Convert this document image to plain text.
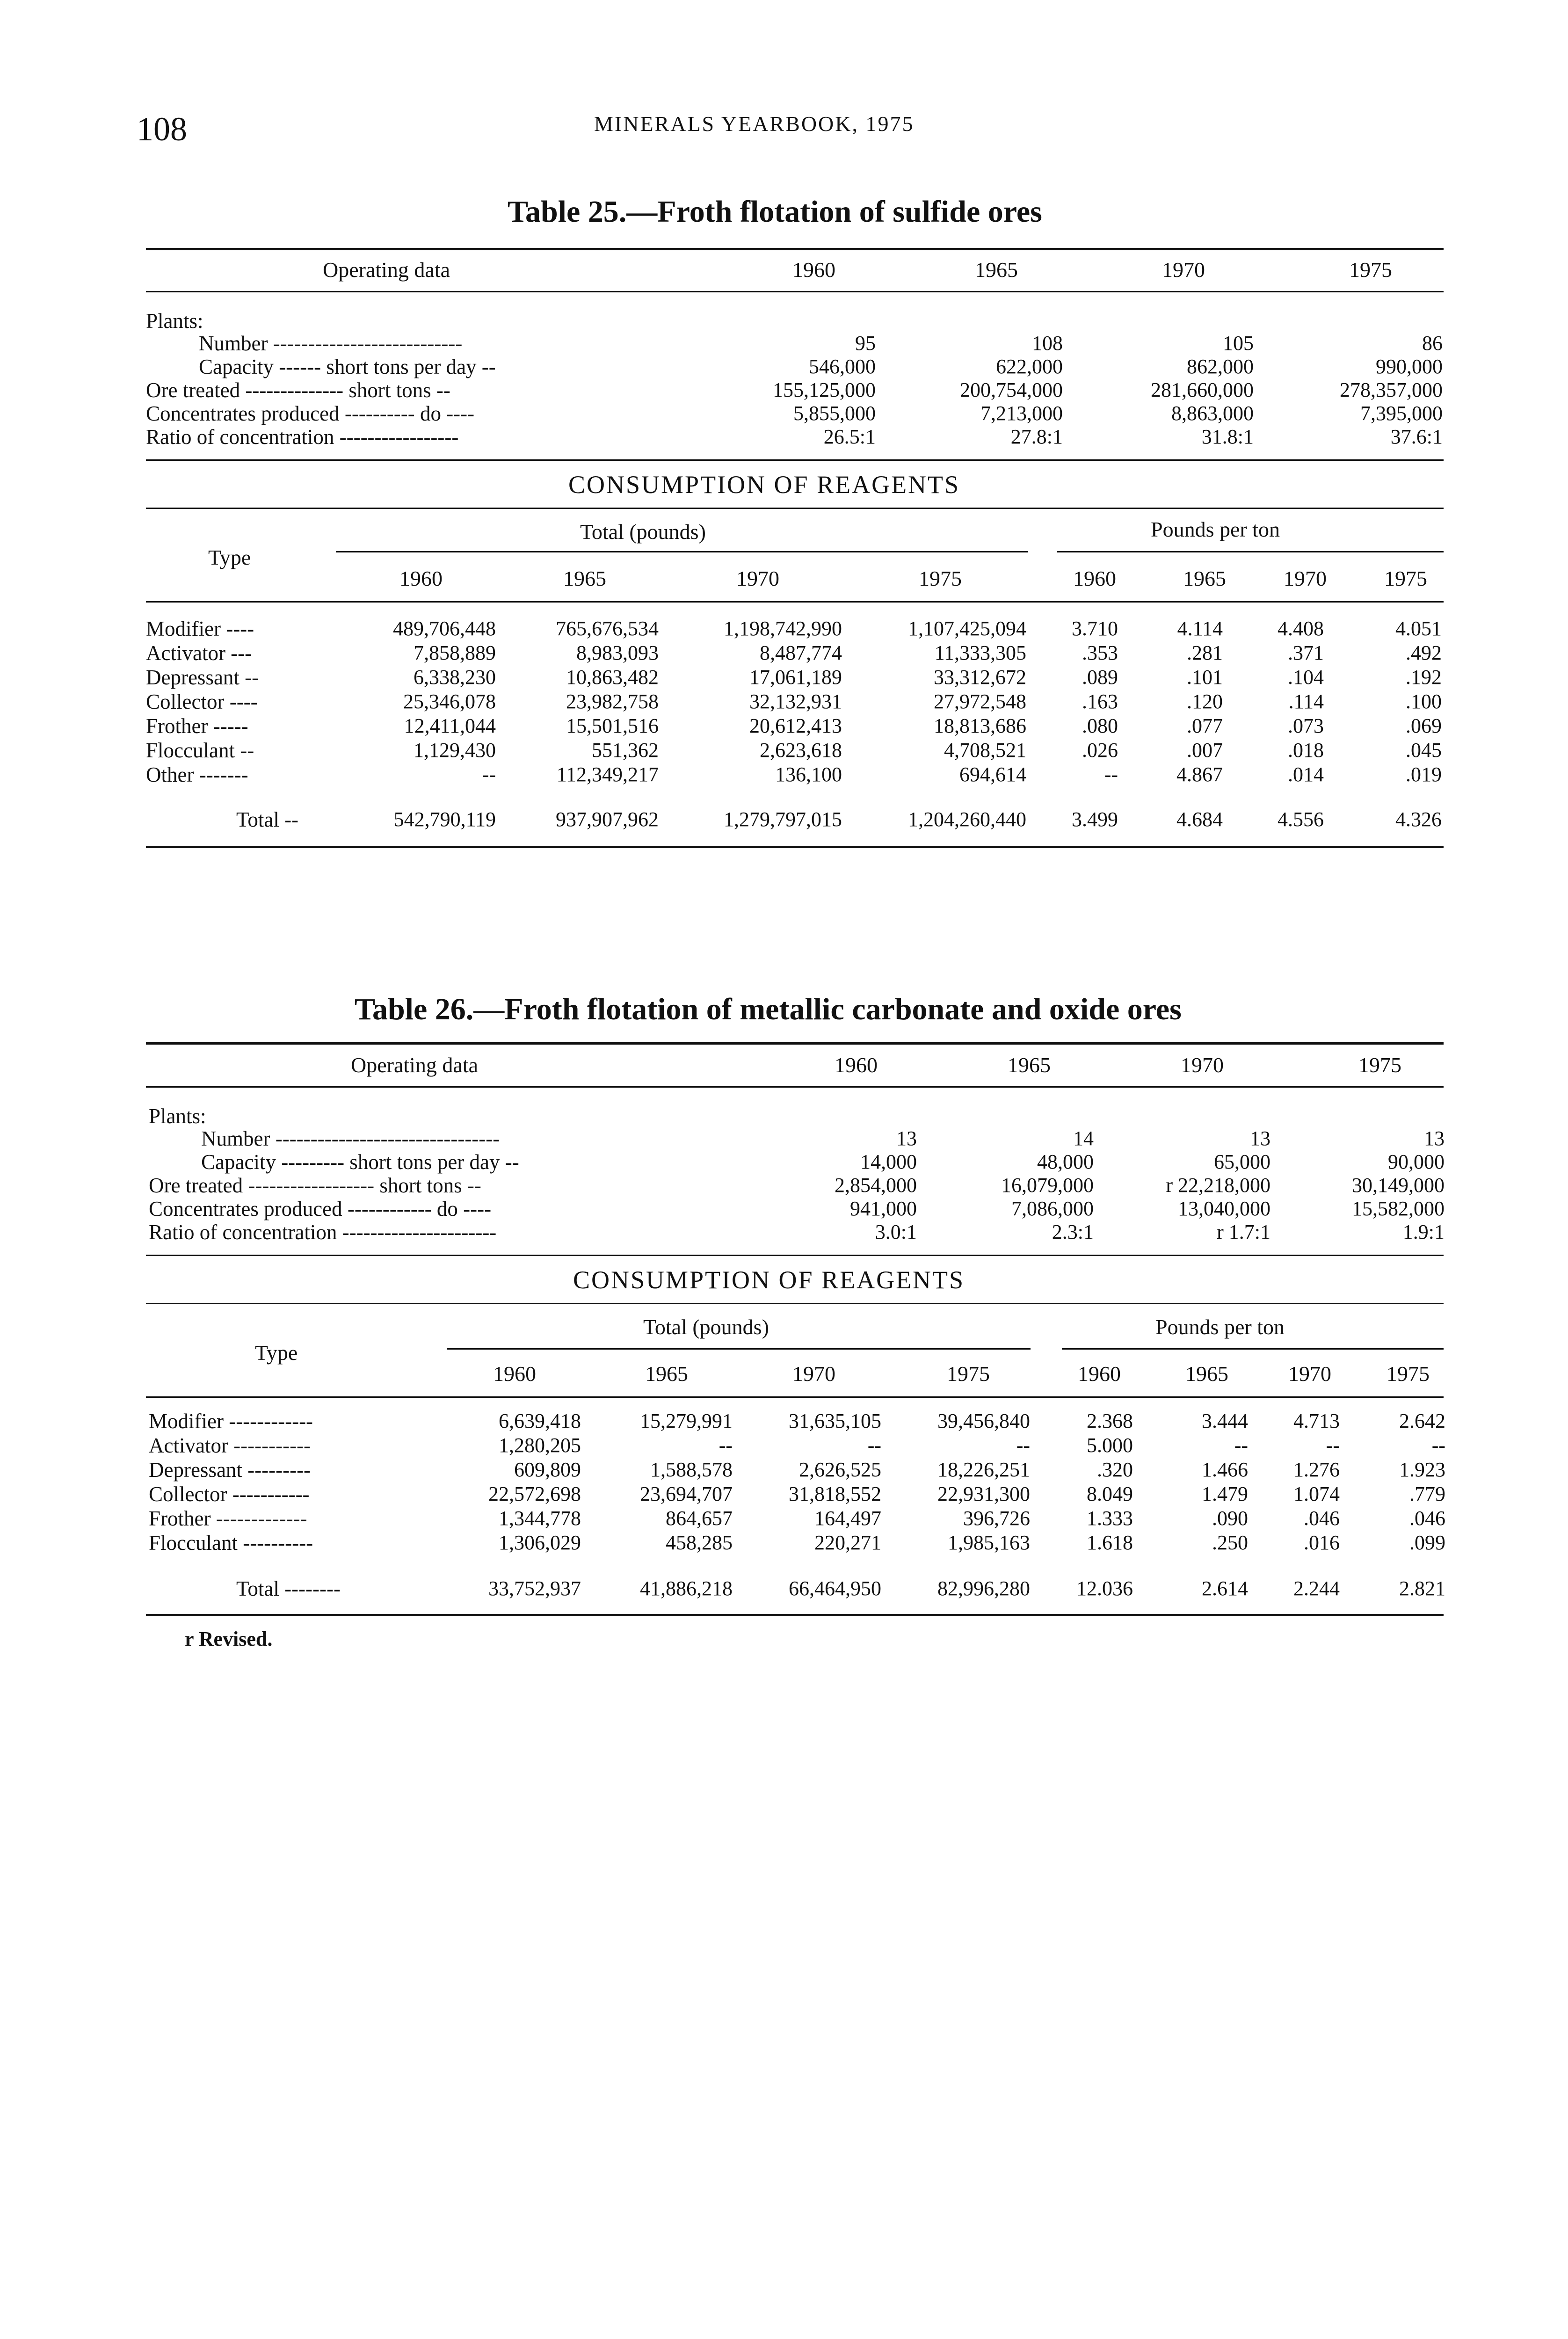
108	MINERALS YEARBOOK, 1975
Table 25.—Froth flotation of sulfide ores
Operating data	1960	1965	1970	1975
Plants:
Number ---------------------------	95	108	105	86
Capacity ------ short tons per day --	546,000	622,000	862,000	990,000
Ore treated -------------- short tons --	155,125,000	200,754,000	281,660,000	278,357,000
Concentrates produced ---------- do ----	5,855,000	7,213,000	8,863,000	7,395,000
Ratio of concentration -----------------	26.5:1	27.8:1	31.8:1	37.6:1
CONSUMPTION OF REAGENTS
Type
Total (pounds)	Pounds per ton
1960	1965	1970	1975	1960	1965	1970	1975
Modifier ----	489,706,448	765,676,534	1,198,742,990	1,107,425,094 3.710	4.114	4.408	4.051
Activator ---	7,858,889	8,983,093	8,487,774	11,333,305	.353	.281	.371	.492
Depressant --	6,338,230	10,863,482	17,061,189	33,312,672	.089	.101	.104	.192
Collector ----	25,346,078	23,982,758	32,132,931	27,972,548	.163	.120	.114	.100
Frother -----	12,411,044	15,501,516	20,612,413	18,813,686	.080	.077	.073	.069
Flocculant --	1,129,430	551,362	2,623,618	4,708,521	.026	.007	.018	.045
Other -------	--	112,349,217	136,100	694,614	--	4.867	.014	.019
Total --	542,790,119	937,907,962	1,279,797,015	1,204,260,440 3.499	4.684	4.556	4.326
Table 26.—Froth flotation of metallic carbonate and oxide ores
Operating data	1960	1965	1970	1975
Plants:
Number --------------------------------	13	14	13	13
Capacity --------- short tons per day --	14,000	48,000	65,000	90,000
Ore treated ------------------ short tons --	2,854,000	16,079,000	r 22,218,000	30,149,000
Concentrates produced ------------ do ----	941,000	7,086,000	13,040,000	15,582,000
Ratio of concentration ----------------------	3.0:1	2.3:1	r 1.7:1	1.9:1
CONSUMPTION OF REAGENTS
Type
Total (pounds)	Pounds per ton
1960	1965	1970	1975	1960	1965	1970	1975
Modifier ------------	6,639,418	15,279,991	31,635,105	39,456,840	2.368	3.444 4.713	2.642
Activator -----------	1,280,205	--	--	--	5.000	--	--	--
Depressant ---------	609,809	1,588,578	2,626,525	18,226,251	.320	1.466 1.276	1.923
Collector -----------	22,572,698	23,694,707	31,818,552	22,931,300	8.049	1.479 1.074	.779
Frother -------------	1,344,778	864,657	164,497	396,726	1.333	.090	.046	.046
Flocculant ----------	1,306,029	458,285	220,271	1,985,163	1.618	.250	.016	.099
Total --------	33,752,937	41,886,218	66,464,950	82,996,280 12.036	2.614 2.244	2.821
r Revised.
